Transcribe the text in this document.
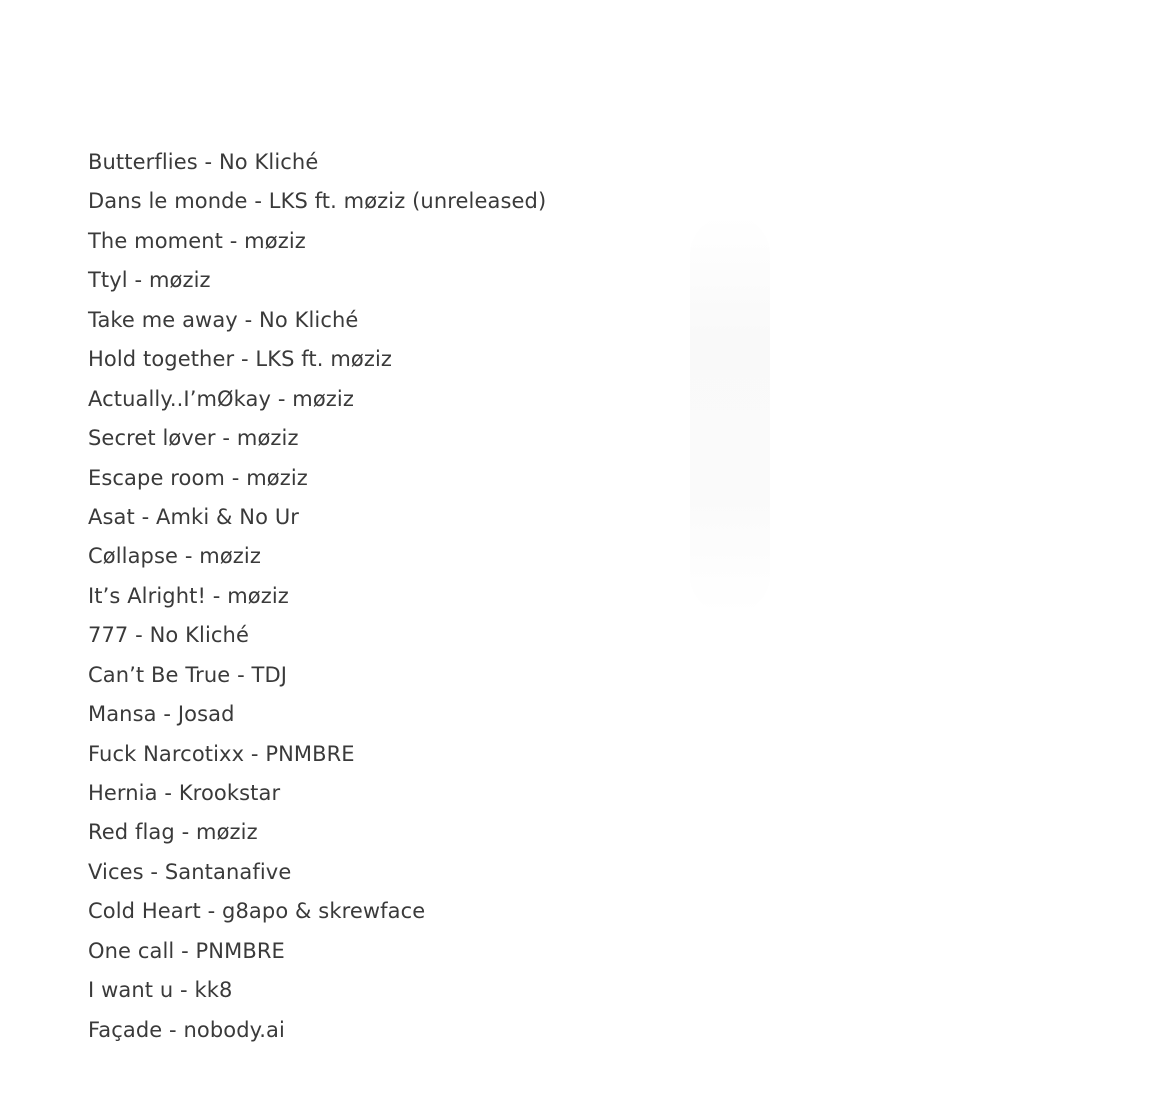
Butterflies - No Kliché
Dans le monde - LKS ft. møziz (unreleased)
The moment - møziz
Ttyl - møziz
Take me away - No Kliché
Hold together - LKS ft. møziz
Actually..I’mØkay - møziz
Secret løver - møziz
Escape room - møziz
Asat - Amki & No Ur
Cøllapse - møziz
It’s Alright! - møziz
777 - No Kliché
Can’t Be True - TDJ
Mansa - Josad
Fuck Narcotixx - PNMBRE
Hernia - Krookstar
Red flag - møziz
Vices - Santanafive
Cold Heart - g8apo & skrewface
One call - PNMBRE
I want u - kk8
Façade - nobody.ai
